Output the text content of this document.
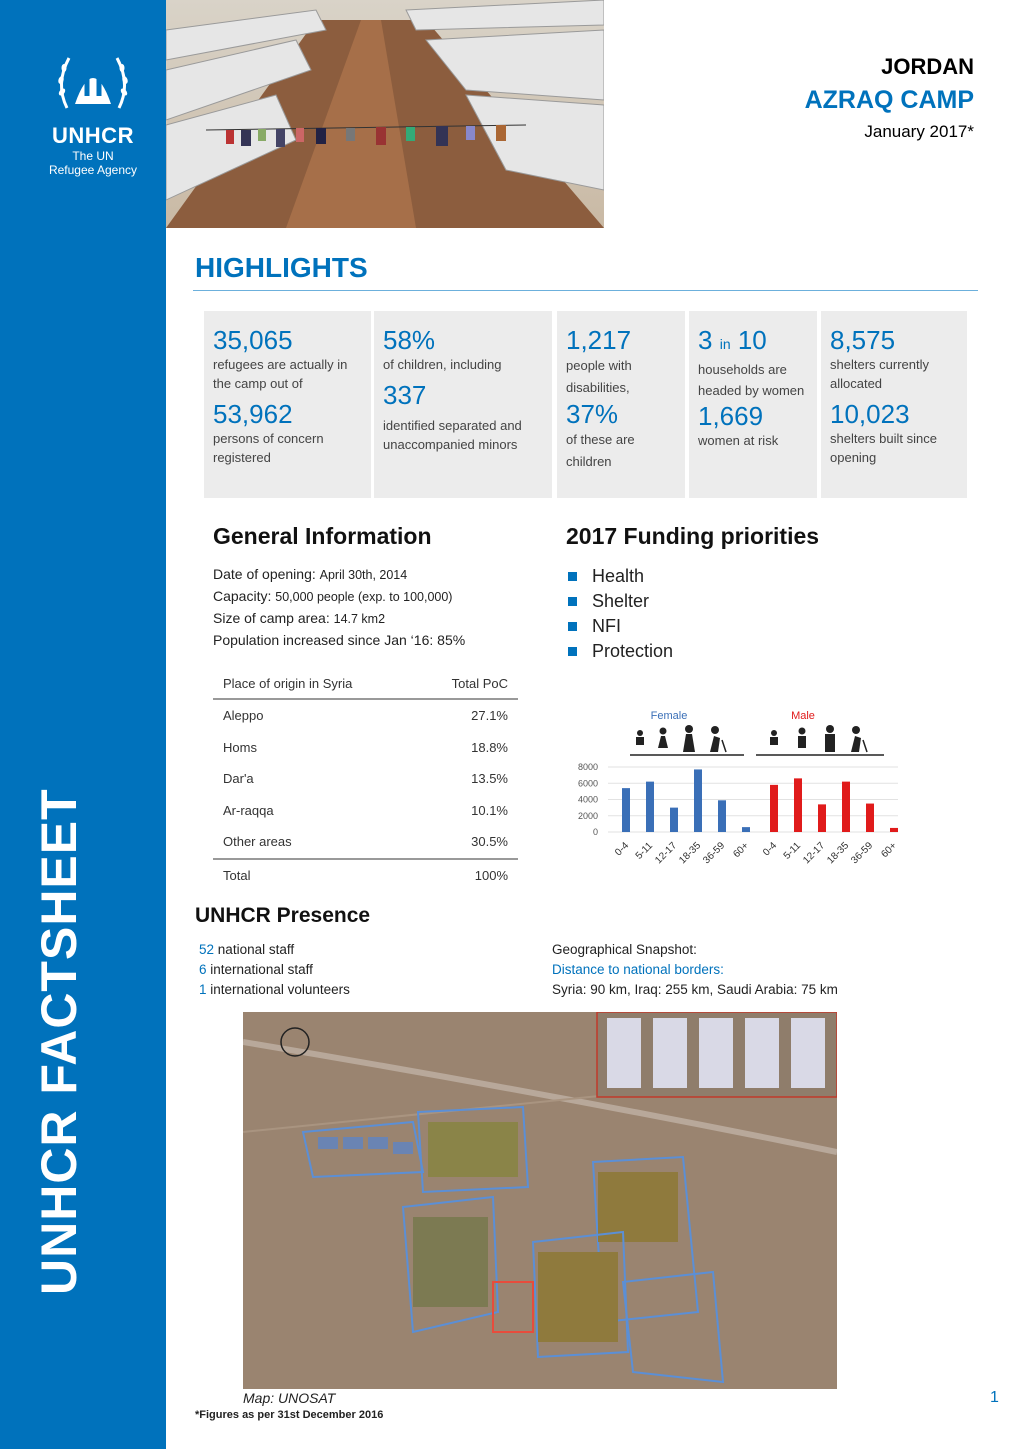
UNHCR
The UN
Refugee Agency
UNHCR FACTSHEET
JORDAN
AZRAQ CAMP
January 2017*
HIGHLIGHTS
35,065
refugees are actually in the camp out of
53,962
persons of concern registered
58%
of children, including
337
identified separated and unaccompanied minors
1,217
people with disabilities,
37%
of these are children
3 in 10
households are headed by women
1,669
women at risk
8,575
shelters currently allocated
10,023
shelters built since opening
General Information
Date of opening: April 30th, 2014
Capacity: 50,000 people (exp. to 100,000)
Size of camp area: 14.7 km2
Population increased since Jan ‘16: 85%
Place of origin in Syria	Total PoC
Aleppo	27.1%
Homs	18.8%
Dar'a	13.5%
Ar-raqqa	10.1%
Other areas	30.5%
Total	100%
2017 Funding priorities
Health
Shelter
NFI
Protection
Female	Male
8000
6000
4000
2000
0
0-4 5-11
12-17
18-35
36-59 60+ 0-4 5-11
12-17
18-35
36-59 60+
UNHCR Presence
52 national staff
6 international staff
1 international volunteers
Geographical Snapshot:
Distance to national borders:
Syria: 90 km, Iraq: 255 km, Saudi Arabia: 75 km
Map: UNOSAT
*Figures as per 31st December 2016
1
